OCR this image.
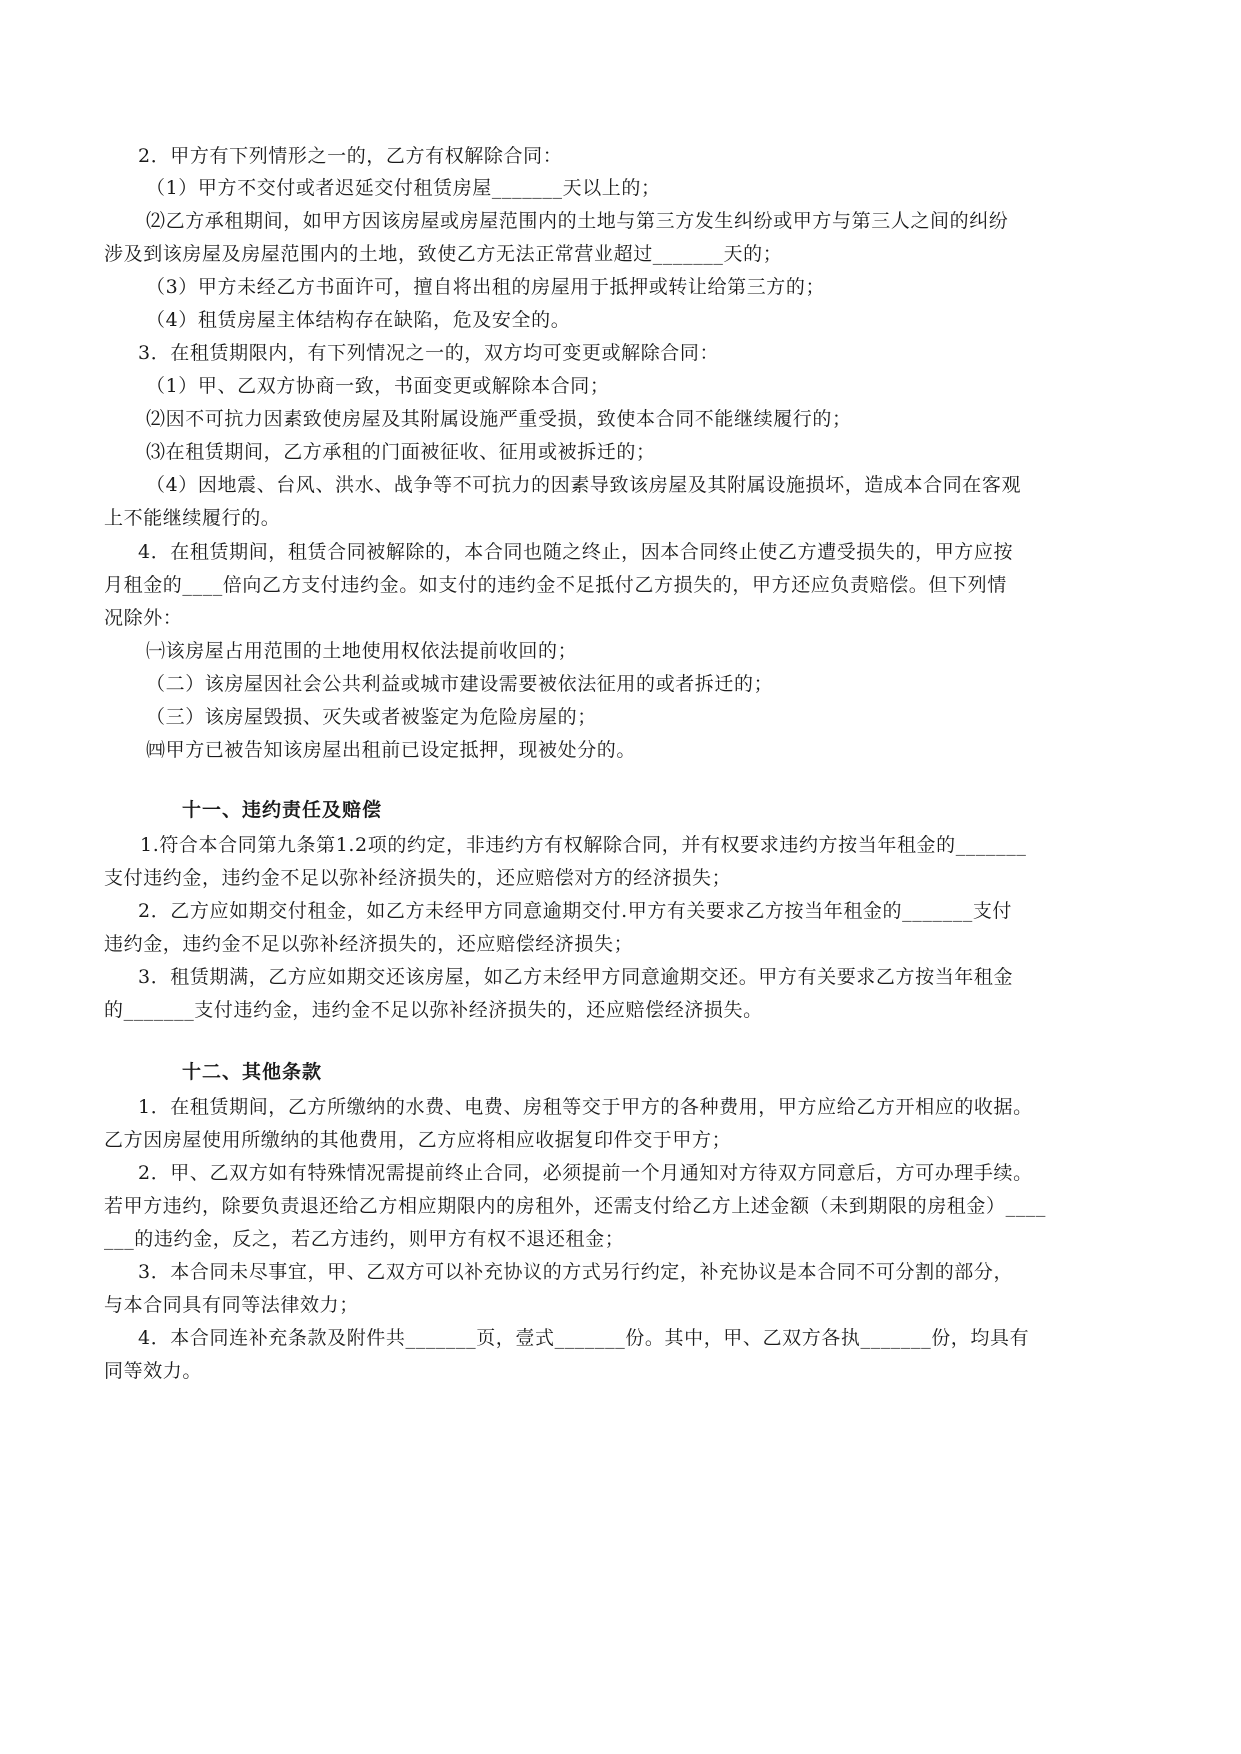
2．甲方有下列情形之一的，乙方有权解除合同：
（1）甲方不交付或者迟延交付租赁房屋_______天以上的；
⑵乙方承租期间，如甲方因该房屋或房屋范围内的土地与第三方发生纠纷或甲方与第三人之间的纠纷
涉及到该房屋及房屋范围内的土地，致使乙方无法正常营业超过_______天的；
（3）甲方未经乙方书面许可，擅自将出租的房屋用于抵押或转让给第三方的；
（4）租赁房屋主体结构存在缺陷，危及安全的。
3．在租赁期限内，有下列情况之一的，双方均可变更或解除合同：
（1）甲、乙双方协商一致，书面变更或解除本合同；
⑵因不可抗力因素致使房屋及其附属设施严重受损，致使本合同不能继续履行的；
⑶在租赁期间，乙方承租的门面被征收、征用或被拆迁的；
（4）因地震、台风、洪水、战争等不可抗力的因素导致该房屋及其附属设施损坏，造成本合同在客观
上不能继续履行的。
4．在租赁期间，租赁合同被解除的，本合同也随之终止，因本合同终止使乙方遭受损失的，甲方应按
月租金的____倍向乙方支付违约金。如支付的违约金不足抵付乙方损失的，甲方还应负责赔偿。但下列情
况除外：
㈠该房屋占用范围的土地使用权依法提前收回的；
（二）该房屋因社会公共利益或城市建设需要被依法征用的或者拆迁的；
（三）该房屋毁损、灭失或者被鉴定为危险房屋的；
㈣甲方已被告知该房屋出租前已设定抵押，现被处分的。
十一、违约责任及赔偿
1.符合本合同第九条第1.2项的约定，非违约方有权解除合同，并有权要求违约方按当年租金的_______
支付违约金，违约金不足以弥补经济损失的，还应赔偿对方的经济损失；
2．乙方应如期交付租金，如乙方未经甲方同意逾期交付.甲方有关要求乙方按当年租金的_______支付
违约金，违约金不足以弥补经济损失的，还应赔偿经济损失；
3．租赁期满，乙方应如期交还该房屋，如乙方未经甲方同意逾期交还。甲方有关要求乙方按当年租金
的_______支付违约金，违约金不足以弥补经济损失的，还应赔偿经济损失。
十二、其他条款
1．在租赁期间，乙方所缴纳的水费、电费、房租等交于甲方的各种费用，甲方应给乙方开相应的收据。
乙方因房屋使用所缴纳的其他费用，乙方应将相应收据复印件交于甲方；
2．甲、乙双方如有特殊情况需提前终止合同，必须提前一个月通知对方待双方同意后，方可办理手续。
若甲方违约，除要负责退还给乙方相应期限内的房租外，还需支付给乙方上述金额（未到期限的房租金）____
___的违约金，反之，若乙方违约，则甲方有权不退还租金；
3．本合同未尽事宜，甲、乙双方可以补充协议的方式另行约定，补充协议是本合同不可分割的部分，
与本合同具有同等法律效力；
4．本合同连补充条款及附件共_______页，壹式_______份。其中，甲、乙双方各执_______份，均具有
同等效力。
